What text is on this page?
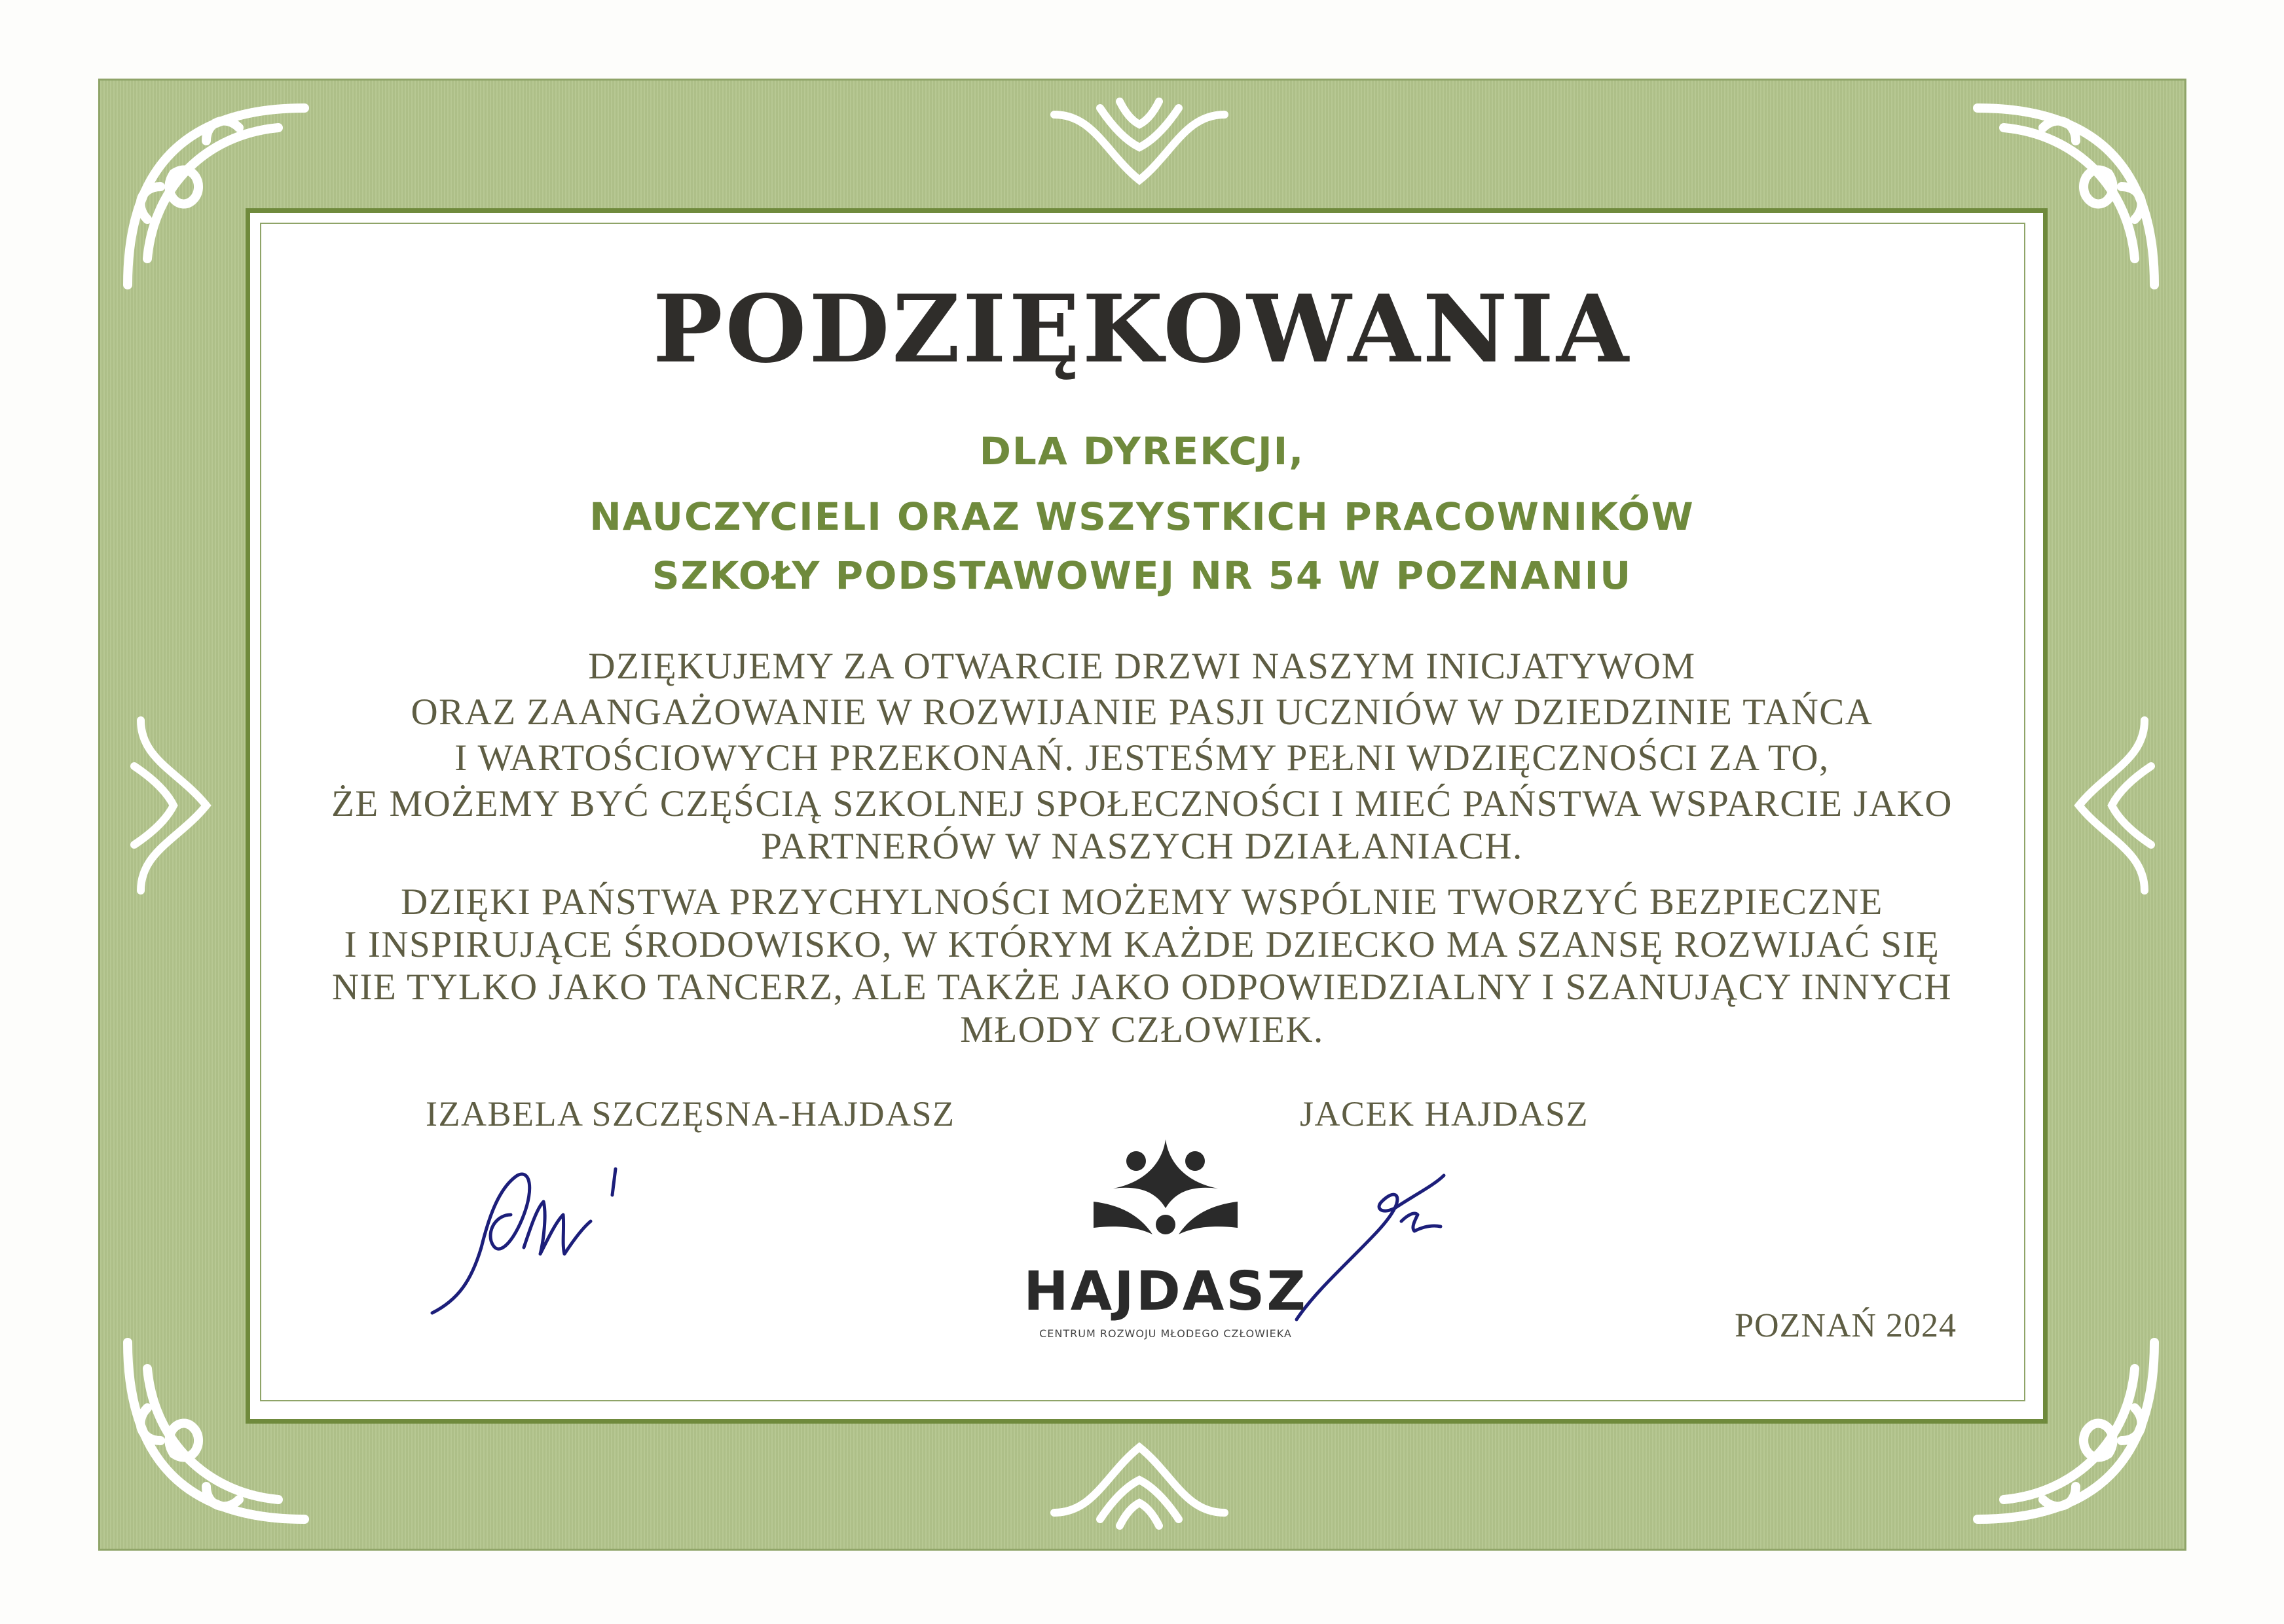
PODZIĘKOWANIA
DLA DYREKCJI,
NAUCZYCIELI ORAZ WSZYSTKICH PRACOWNIKÓW
SZKOŁY PODSTAWOWEJ NR 54 W POZNANIU
DZIĘKUJEMY ZA OTWARCIE DRZWI NASZYM INICJATYWOM
ORAZ ZAANGAŻOWANIE W ROZWIJANIE PASJI UCZNIÓW W DZIEDZINIE TAŃCA
I WARTOŚCIOWYCH PRZEKONAŃ. JESTEŚMY PEŁNI WDZIĘCZNOŚCI ZA TO,
ŻE MOŻEMY BYĆ CZĘŚCIĄ SZKOLNEJ SPOŁECZNOŚCI I MIEĆ PAŃSTWA WSPARCIE JAKO
PARTNERÓW W NASZYCH DZIAŁANIACH.
DZIĘKI PAŃSTWA PRZYCHYLNOŚCI MOŻEMY WSPÓLNIE TWORZYĆ BEZPIECZNE
I INSPIRUJĄCE ŚRODOWISKO, W KTÓRYM KAŻDE DZIECKO MA SZANSĘ ROZWIJAĆ SIĘ
NIE TYLKO JAKO TANCERZ, ALE TAKŻE JAKO ODPOWIEDZIALNY I SZANUJĄCY INNYCH
MŁODY CZŁOWIEK.
IZABELA SZCZĘSNA-HAJDASZ	JACEK HAJDASZ
HAJDASZ
CENTRUM ROZWOJU MŁODEGO CZŁOWIEKA	POZNAŃ 2024
